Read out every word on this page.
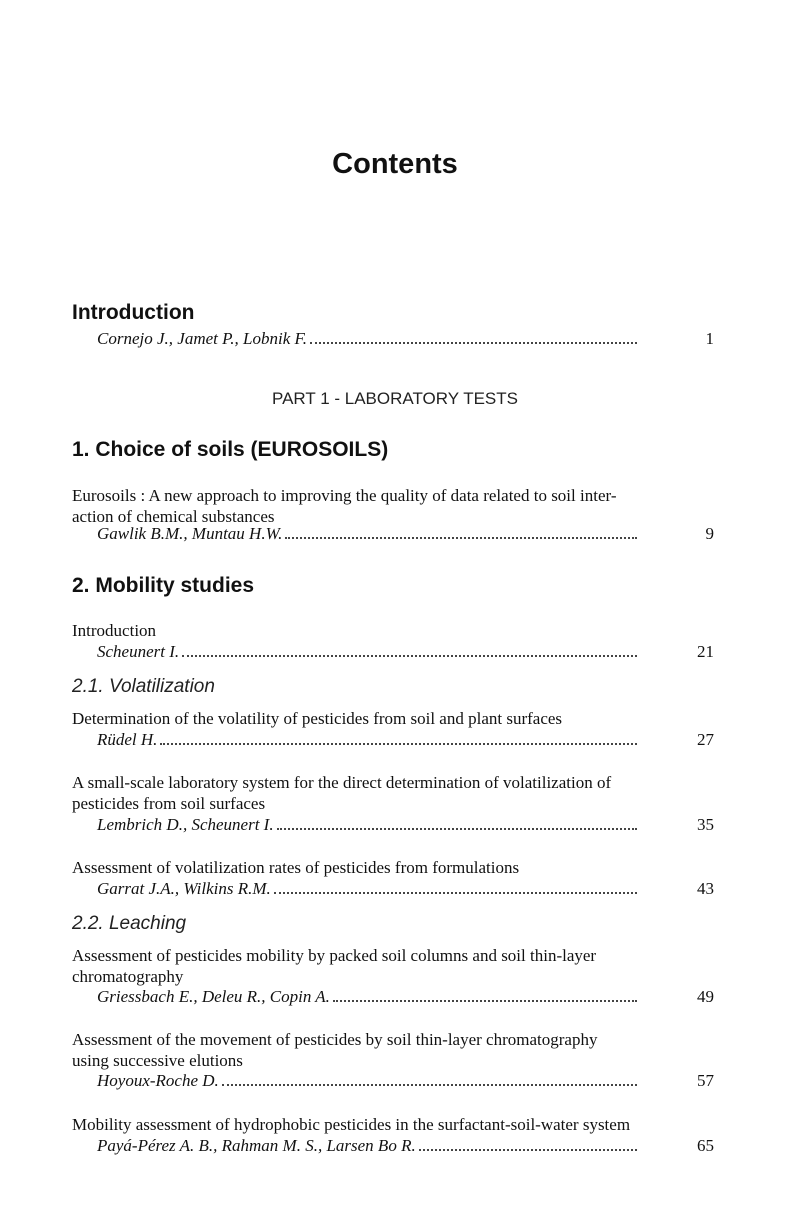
Contents
Introduction
Cornejo J., Jamet P., Lobnik F.	1
PART 1 - LABORATORY TESTS
1. Choice of soils (EUROSOILS)
Eurosoils : A new approach to improving the quality of data related to soil inter-
action of chemical substances
Gawlik B.M., Muntau H.W.	9
2. Mobility studies
Introduction
Scheunert I.	21
2.1. Volatilization
Determination of the volatility of pesticides from soil and plant surfaces
Rüdel H.	27
A small-scale laboratory system for the direct determination of volatilization of
pesticides from soil surfaces
Lembrich D., Scheunert I.	35
Assessment of volatilization rates of pesticides from formulations
Garrat J.A., Wilkins R.M.	43
2.2. Leaching
Assessment of pesticides mobility by packed soil columns and soil thin-layer
chromatography
Griessbach E., Deleu R., Copin A.	49
Assessment of the movement of pesticides by soil thin-layer chromatography
using successive elutions
Hoyoux-Roche D.	57
Mobility assessment of hydrophobic pesticides in the surfactant-soil-water system
Payá-Pérez A. B., Rahman M. S., Larsen Bo R.	65
